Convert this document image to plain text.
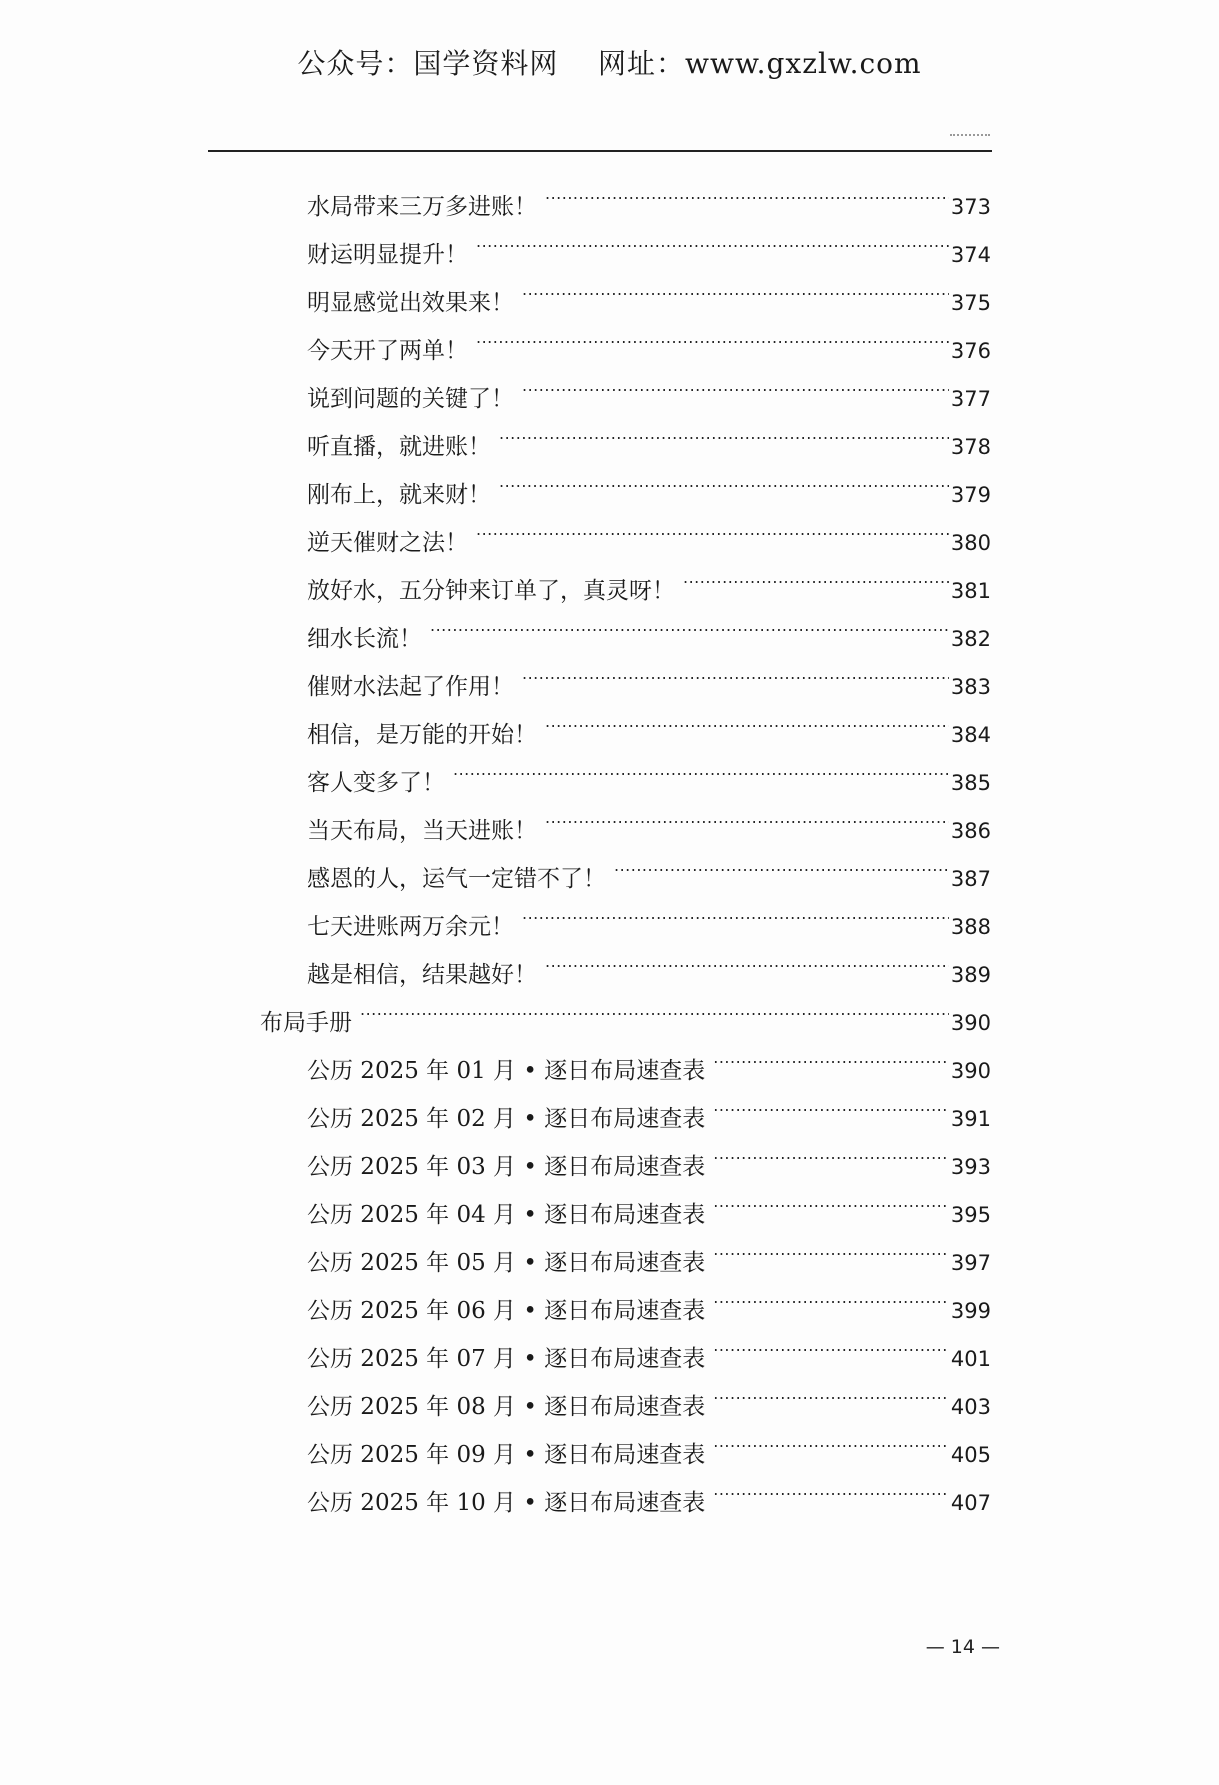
公众号：国学资料网    网址：www.gxzlw.com
水局带来三万多进账！ .....	373
财运明显提升！ .....	374
明显感觉出效果来！ .....	375
今天开了两单！ .....	376
说到问题的关键了！ .....	377
听直播，就进账！ .....	378
刚布上，就来财！ .....	379
逆天催财之法！ .....	380
放好水，五分钟来订单了，真灵呀！ .....	381
细水长流！ .....	382
催财水法起了作用！ .....	383
相信，是万能的开始！ .....	384
客人变多了！ .....	385
当天布局，当天进账！ .....	386
感恩的人，运气一定错不了！ .....	387
七天进账两万余元！ .....	388
越是相信，结果越好！ .....	389
布局手册 .....	390
公历 2025 年 01 月 • 逐日布局速查表 .....	390
公历 2025 年 02 月 • 逐日布局速查表 .....	391
公历 2025 年 03 月 • 逐日布局速查表 .....	393
公历 2025 年 04 月 • 逐日布局速查表 .....	395
公历 2025 年 05 月 • 逐日布局速查表 .....	397
公历 2025 年 06 月 • 逐日布局速查表 .....	399
公历 2025 年 07 月 • 逐日布局速查表 .....	401
公历 2025 年 08 月 • 逐日布局速查表 .....	403
公历 2025 年 09 月 • 逐日布局速查表 .....	405
公历 2025 年 10 月 • 逐日布局速查表 .....	407
— 14 —
